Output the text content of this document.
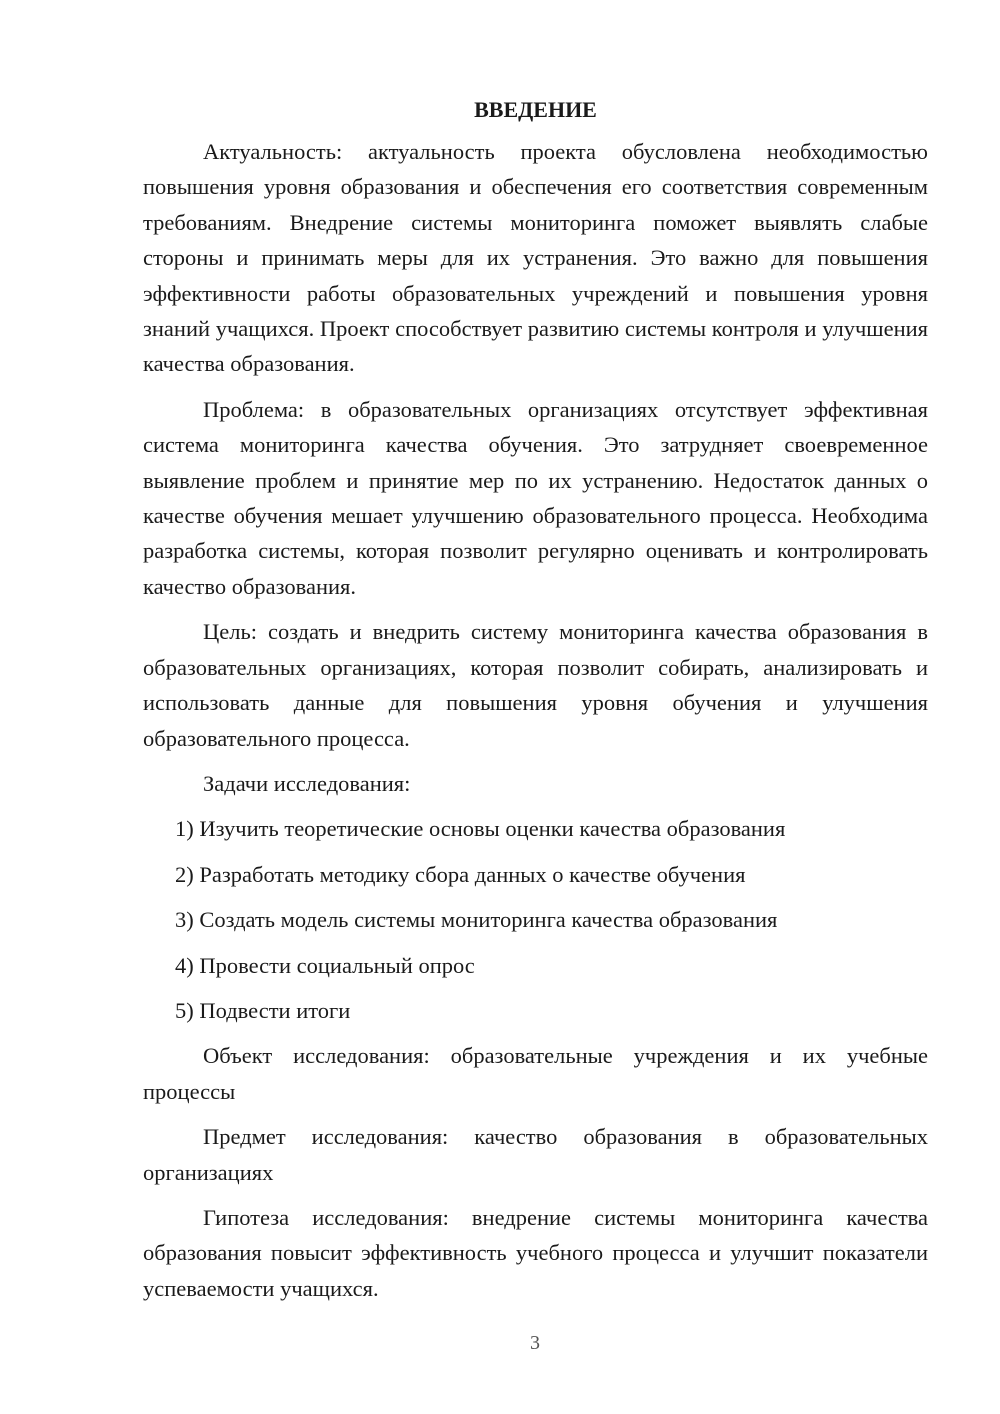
ВВЕДЕНИЕ

Актуальность: актуальность проекта обусловлена необходимостью повышения уровня образования и обеспечения его соответствия современным требованиям. Внедрение системы мониторинга поможет выявлять слабые стороны и принимать меры для их устранения. Это важно для повышения эффективности работы образовательных учреждений и повышения уровня знаний учащихся. Проект способствует развитию системы контроля и улучшения качества образования.

Проблема: в образовательных организациях отсутствует эффективная система мониторинга качества обучения. Это затрудняет своевременное выявление проблем и принятие мер по их устранению. Недостаток данных о качестве обучения мешает улучшению образовательного процесса. Необходима разработка системы, которая позволит регулярно оценивать и контролировать качество образования.

Цель: создать и внедрить систему мониторинга качества образования в образовательных организациях, которая позволит собирать, анализировать и использовать данные для повышения уровня обучения и улучшения образовательного процесса.

Задачи исследования:
1) Изучить теоретические основы оценки качества образования
2) Разработать методику сбора данных о качестве обучения
3) Создать модель системы мониторинга качества образования
4) Провести социальный опрос
5) Подвести итоги

Объект исследования: образовательные учреждения и их учебные процессы

Предмет исследования: качество образования в образовательных организациях

Гипотеза исследования: внедрение системы мониторинга качества образования повысит эффективность учебного процесса и улучшит показатели успеваемости учащихся.

3
